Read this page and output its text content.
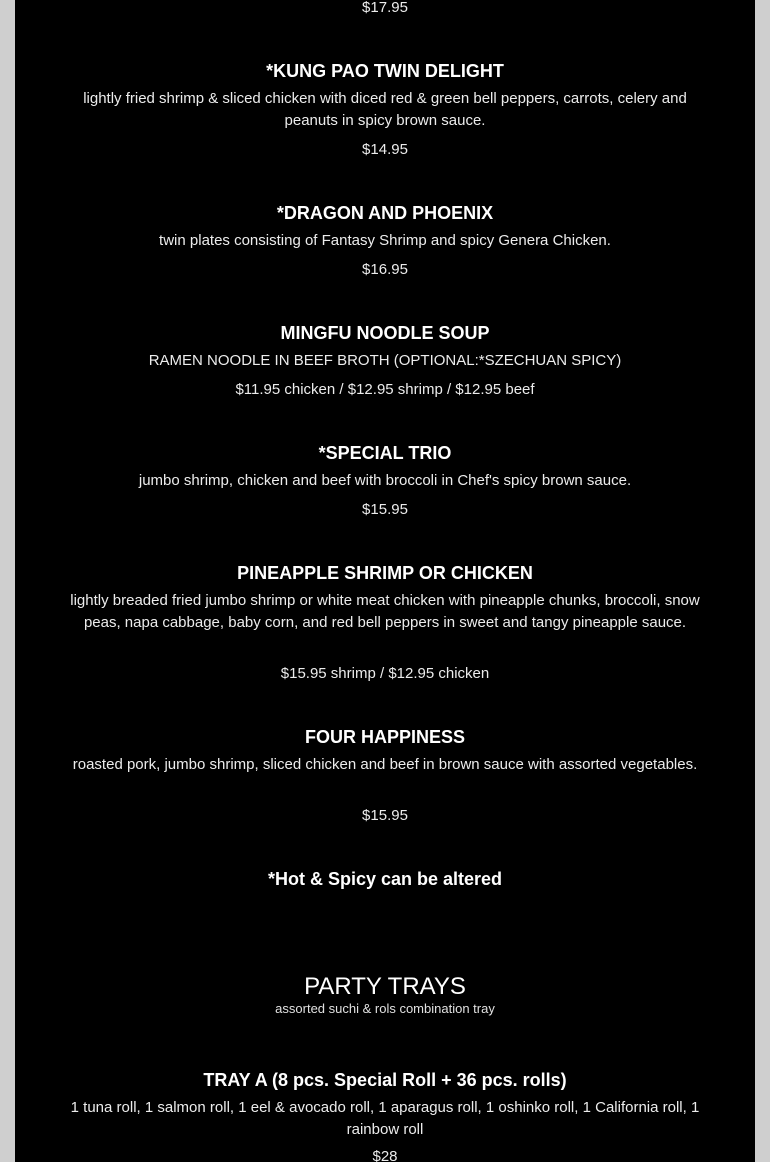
$17.95

*KUNG PAO TWIN DELIGHT

lightly fried shrimp & sliced chicken with diced red & green bell peppers, carrots, celery and peanuts in spicy brown sauce.

$14.95

*DRAGON AND PHOENIX

twin plates consisting of Fantasy Shrimp and spicy Genera Chicken.

$16.95

MINGFU NOODLE SOUP

RAMEN NOODLE IN BEEF BROTH (OPTIONAL:*SZECHUAN SPICY)

$11.95 chicken / $12.95 shrimp / $12.95 beef

*SPECIAL TRIO

jumbo shrimp, chicken and beef with broccoli in Chef's spicy brown sauce.

$15.95

PINEAPPLE SHRIMP OR CHICKEN

lightly breaded fried jumbo shrimp or white meat chicken with pineapple chunks, broccoli, snow peas, napa cabbage, baby corn, and red bell peppers in sweet and tangy pineapple sauce.

$15.95 shrimp / $12.95 chicken

FOUR HAPPINESS

roasted pork, jumbo shrimp, sliced chicken and beef in brown sauce with assorted vegetables.

$15.95

*Hot & Spicy can be altered

PARTY TRAYS

assorted suchi & rols combination tray

TRAY A (8 pcs. Special Roll + 36 pcs. rolls)

1 tuna roll, 1 salmon roll, 1 eel & avocado roll, 1 aparagus roll, 1 oshinko roll, 1 California roll, 1 rainbow roll

$28
